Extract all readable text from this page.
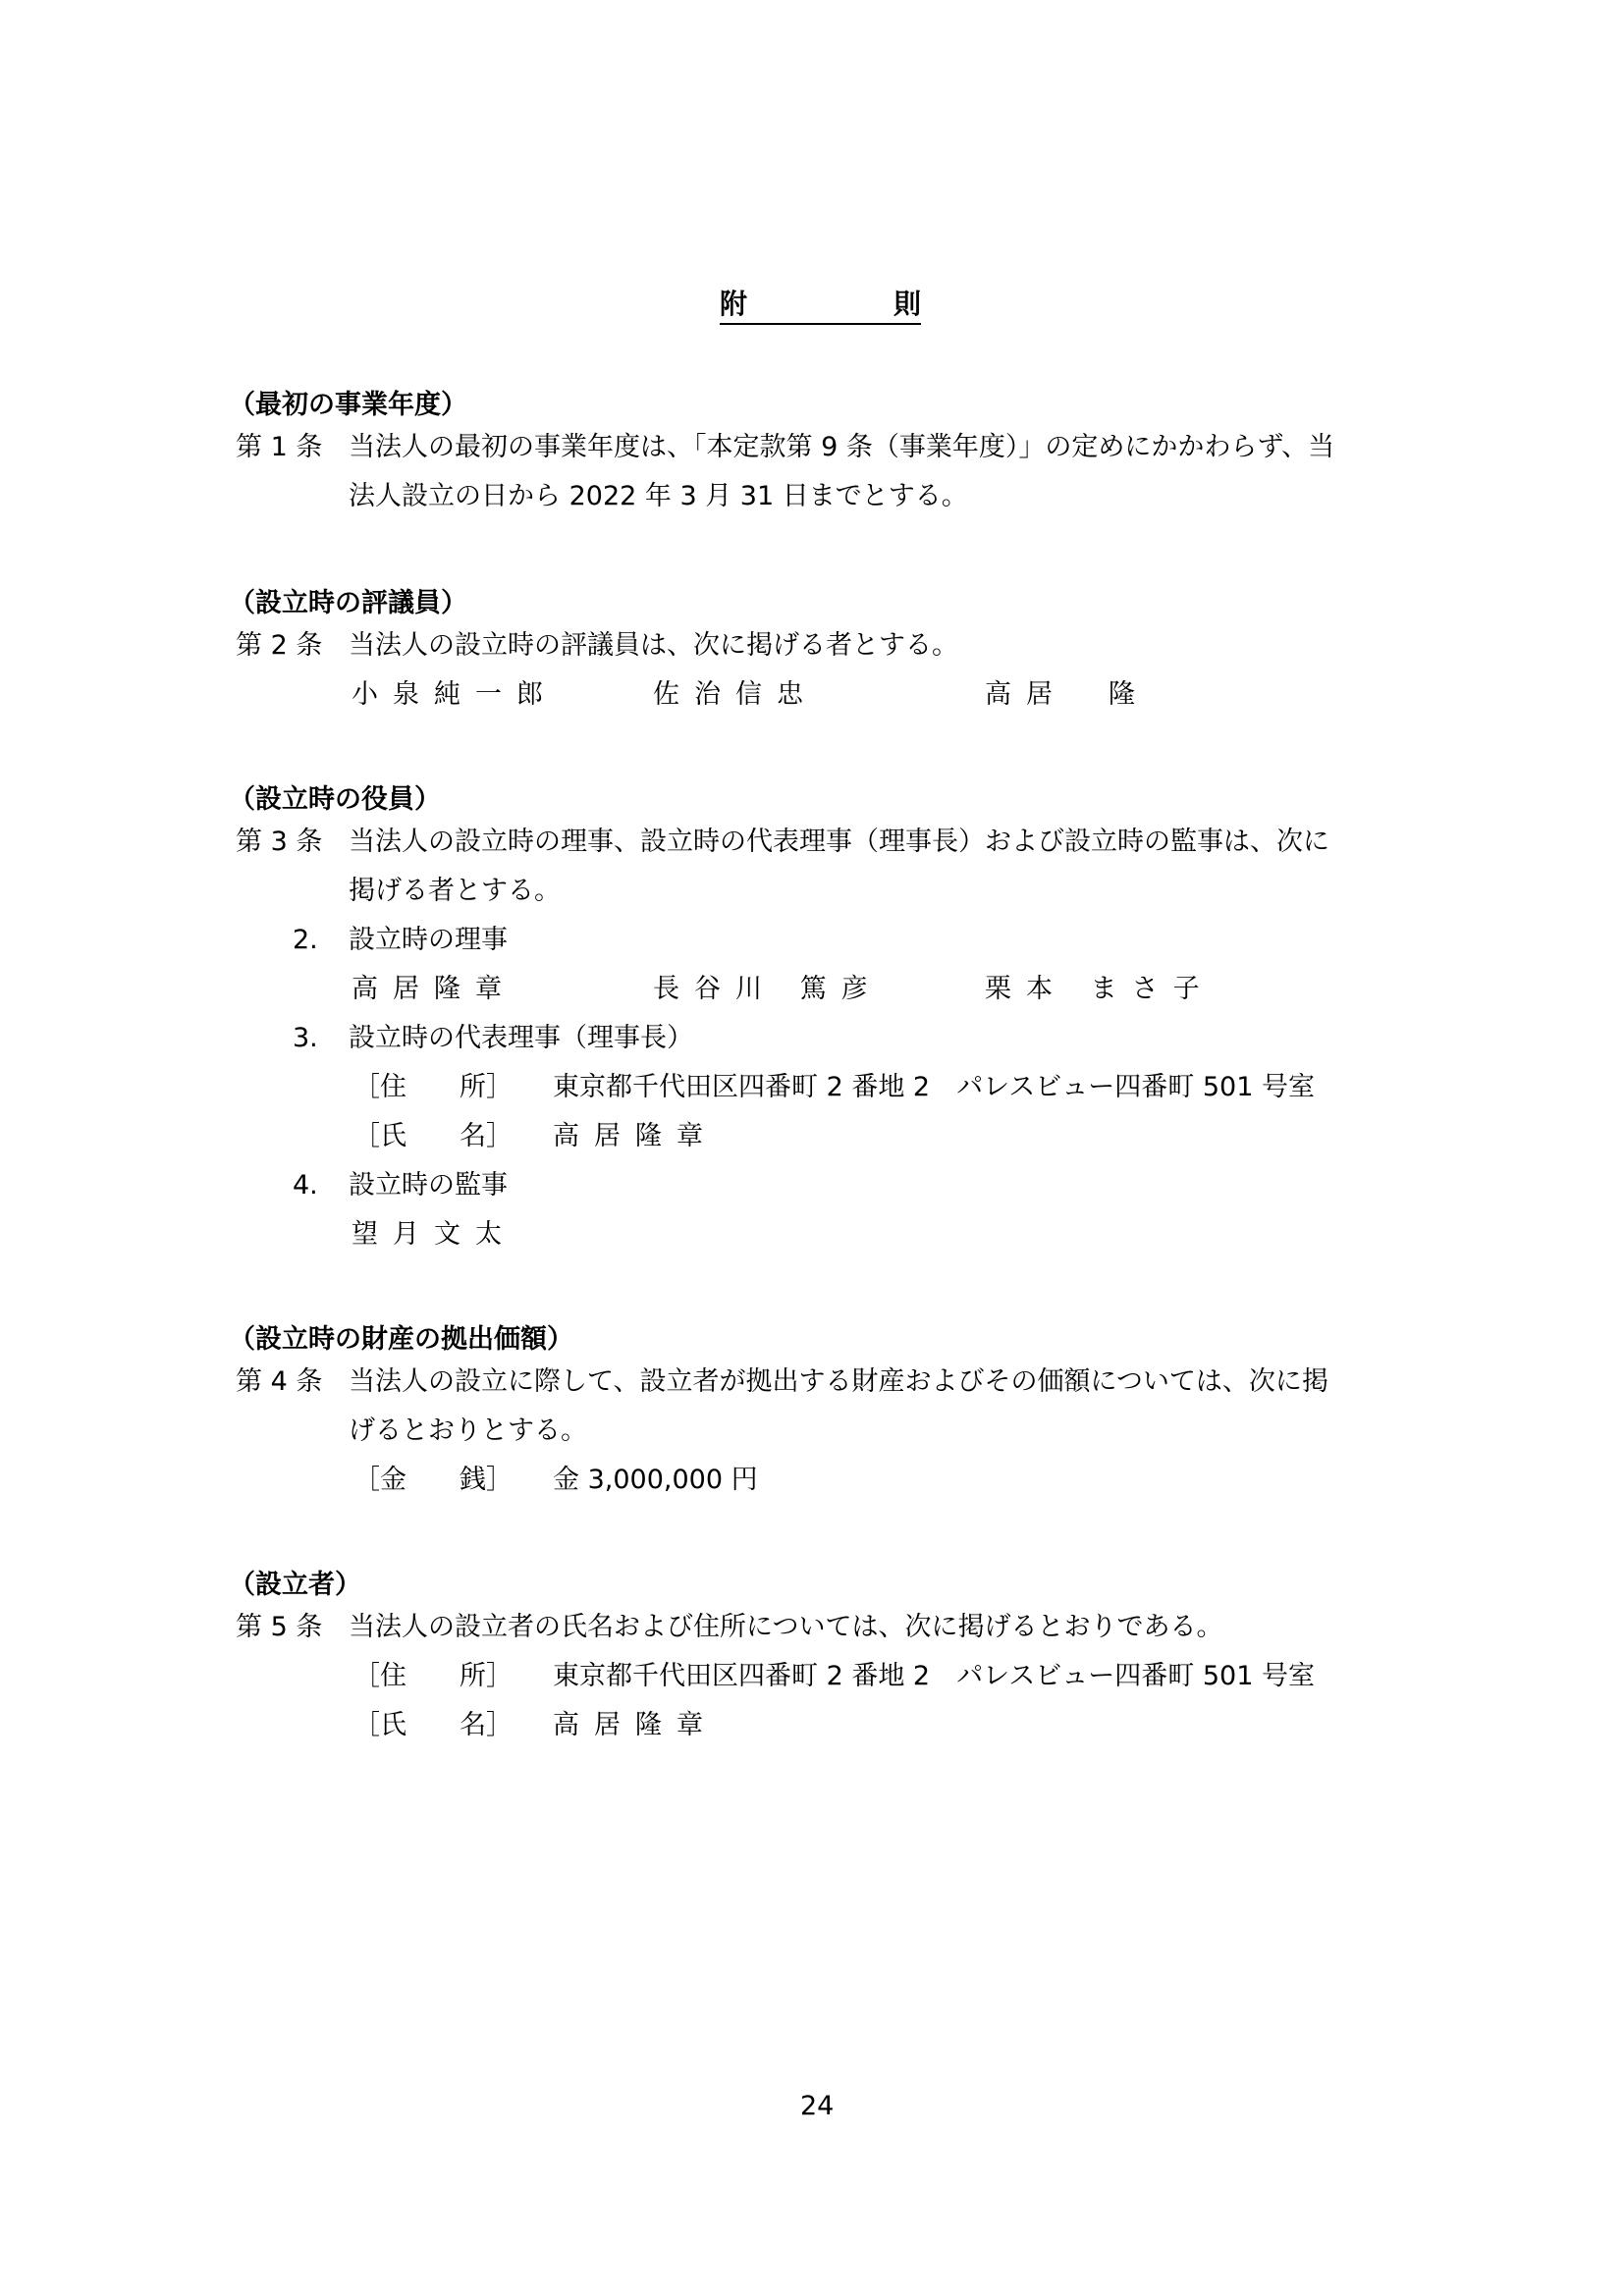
附	則
（最初の事業年度）
第 1 条 当法人の最初の事業年度は、「本定款第 9 条（事業年度）」の定めにかかわらず、当
法人設立の日から 2022 年 3 月 31 日までとする。
（設立時の評議員）
第 2 条 当法人の設立時の評議員は、次に掲げる者とする。
小泉純一郎	佐治信忠	高居　隆
（設立時の役員）
第 3 条 当法人の設立時の理事、設立時の代表理事（理事長）および設立時の監事は、次に
掲げる者とする。
2. 設立時の理事
高居隆章	長谷川 篤彦	栗本 まさ子
3. 設立時の代表理事（理事長）
［住　　所］ 東京都千代田区四番町 2 番地 2　パレスビュー四番町 501 号室
［氏　　名］ 高居隆章
4. 設立時の監事
望月文太
（設立時の財産の拠出価額）
第 4 条 当法人の設立に際して、設立者が拠出する財産およびその価額については、次に掲
げるとおりとする。
［金　　銭］ 金 3,000,000 円
（設立者）
第 5 条 当法人の設立者の氏名および住所については、次に掲げるとおりである。
［住　　所］ 東京都千代田区四番町 2 番地 2　パレスビュー四番町 501 号室
［氏　　名］ 高居隆章
24
